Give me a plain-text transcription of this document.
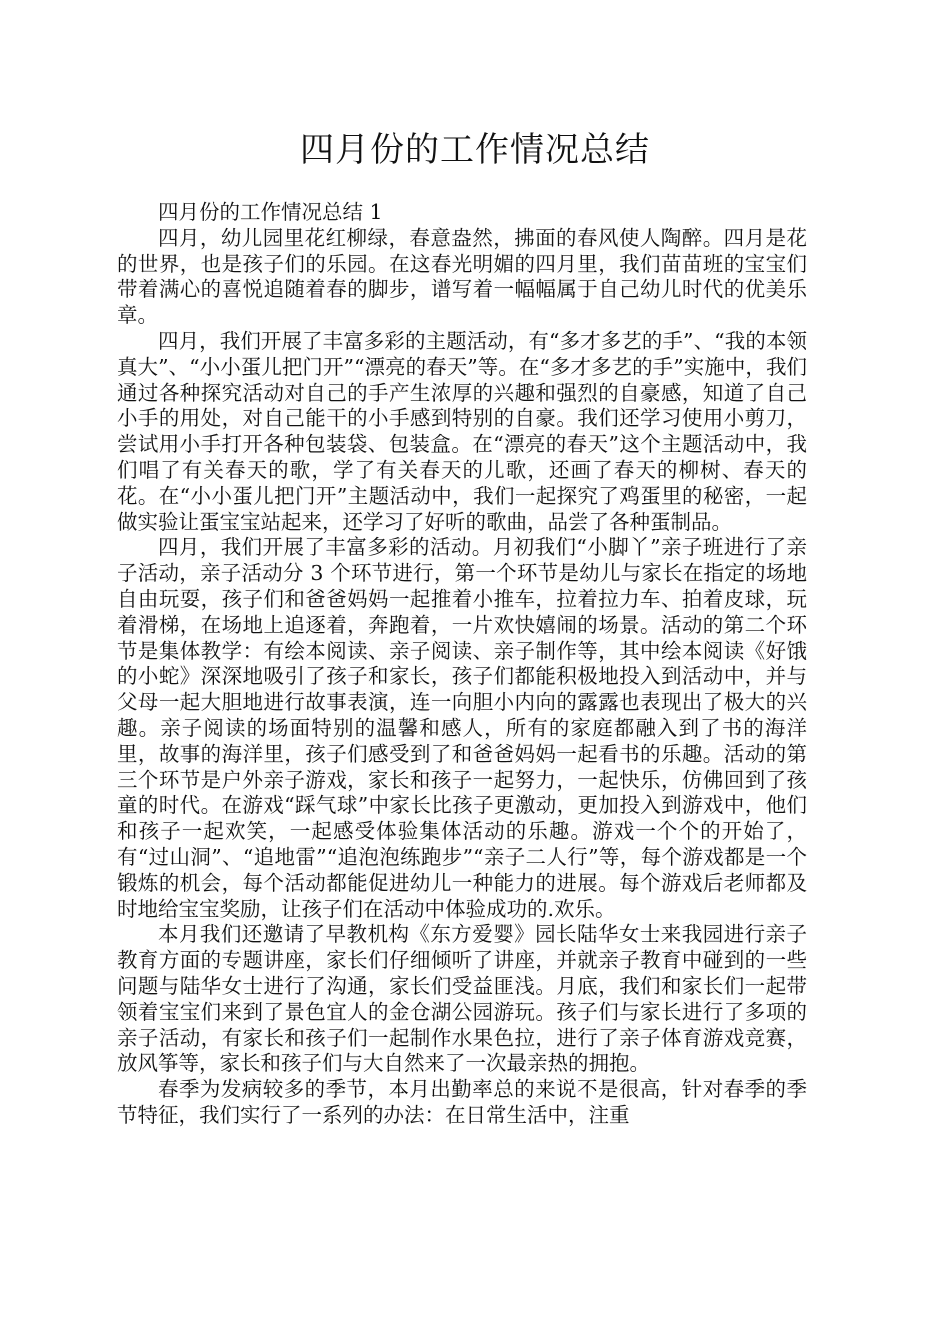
四月份的工作情况总结

四月份的工作情况总结 1

四月，幼儿园里花红柳绿，春意盎然，拂面的春风使人陶醉。四月是花的世界，也是孩子们的乐园。在这春光明媚的四月里，我们苗苗班的宝宝们带着满心的喜悦追随着春的脚步，谱写着一幅幅属于自己幼儿时代的优美乐章。

四月，我们开展了丰富多彩的主题活动，有“多才多艺的手”、“我的本领真大”、“小小蛋儿把门开”“漂亮的春天”等。在“多才多艺的手”实施中，我们通过各种探究活动对自己的手产生浓厚的兴趣和强烈的自豪感，知道了自己小手的用处，对自己能干的小手感到特别的自豪。我们还学习使用小剪刀，尝试用小手打开各种包装袋、包装盒。在“漂亮的春天”这个主题活动中，我们唱了有关春天的歌，学了有关春天的儿歌，还画了春天的柳树、春天的花。在“小小蛋儿把门开”主题活动中，我们一起探究了鸡蛋里的秘密，一起做实验让蛋宝宝站起来，还学习了好听的歌曲，品尝了各种蛋制品。

四月，我们开展了丰富多彩的活动。月初我们“小脚丫”亲子班进行了亲子活动，亲子活动分 3 个环节进行，第一个环节是幼儿与家长在指定的场地自由玩耍，孩子们和爸爸妈妈一起推着小推车，拉着拉力车、拍着皮球，玩着滑梯，在场地上追逐着，奔跑着，一片欢快嬉闹的场景。活动的第二个环节是集体教学：有绘本阅读、亲子阅读、亲子制作等，其中绘本阅读《好饿的小蛇》深深地吸引了孩子和家长，孩子们都能积极地投入到活动中，并与父母一起大胆地进行故事表演，连一向胆小内向的露露也表现出了极大的兴趣。亲子阅读的场面特别的温馨和感人，所有的家庭都融入到了书的海洋里，故事的海洋里，孩子们感受到了和爸爸妈妈一起看书的乐趣。活动的第三个环节是户外亲子游戏，家长和孩子一起努力，一起快乐，仿佛回到了孩童的时代。在游戏“踩气球”中家长比孩子更激动，更加投入到游戏中，他们和孩子一起欢笑，一起感受体验集体活动的乐趣。游戏一个个的开始了，有“过山洞”、“追地雷”“追泡泡练跑步”“亲子二人行”等，每个游戏都是一个锻炼的机会，每个活动都能促进幼儿一种能力的进展。每个游戏后老师都及时地给宝宝奖励，让孩子们在活动中体验成功的.欢乐。

本月我们还邀请了早教机构《东方爱婴》园长陆华女士来我园进行亲子教育方面的专题讲座，家长们仔细倾听了讲座，并就亲子教育中碰到的一些问题与陆华女士进行了沟通，家长们受益匪浅。月底，我们和家长们一起带领着宝宝们来到了景色宜人的金仓湖公园游玩。孩子们与家长进行了多项的亲子活动，有家长和孩子们一起制作水果色拉，进行了亲子体育游戏竞赛，放风筝等，家长和孩子们与大自然来了一次最亲热的拥抱。

春季为发病较多的季节，本月出勤率总的来说不是很高，针对春季的季节特征，我们实行了一系列的办法：在日常生活中，注重
